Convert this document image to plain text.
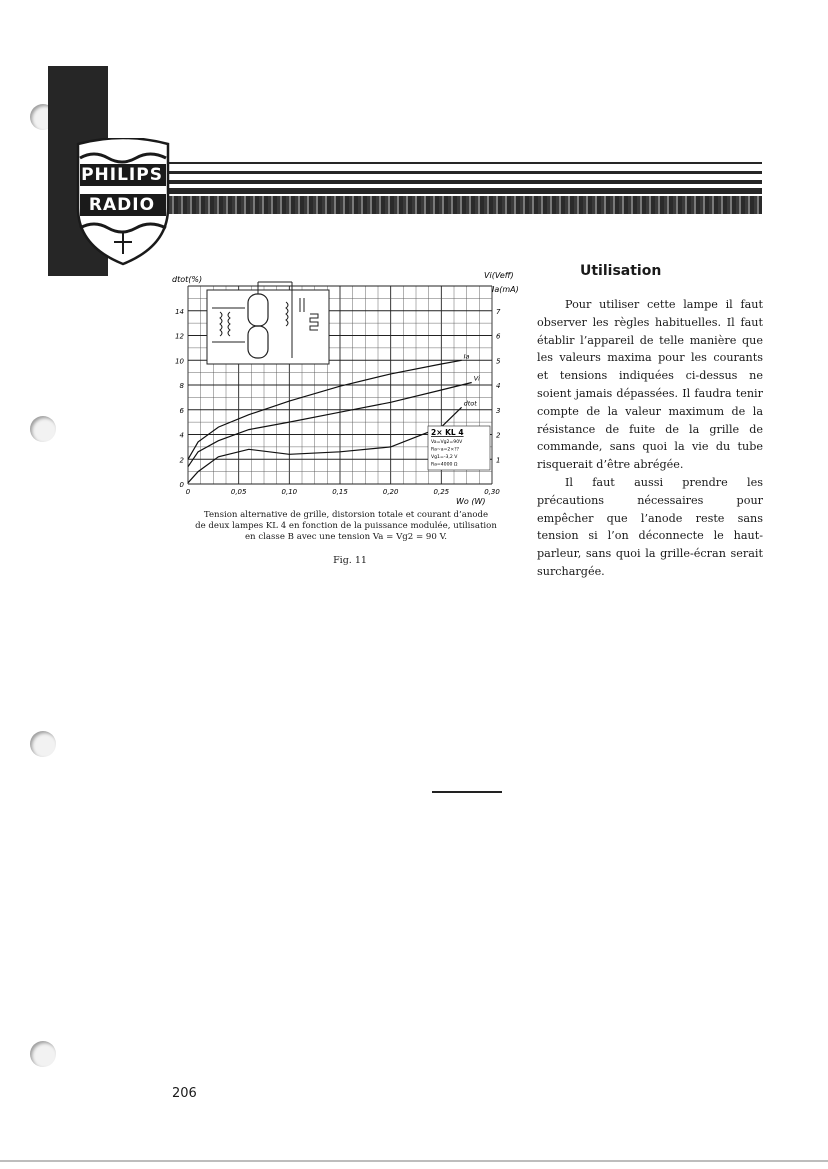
PHILIPS
RADIO
Ia
Vi
dtot
0	0,05	0,10	0,15	0,20	0,25	0,30
0
2
4
6
8
10
12
14
1
2
3
4
5
6
7
2× KL 4
Va=Vg2=90V
Ra~a=2×??
Vg1=-3,2 V
Ra=4000 Ω
dtot(%)	Vi(Veff)
Ia(mA)
Wo (W)
Tension alternative de grille, distorsion totale et courant d’anode
de deux lampes KL 4 en fonction de la puissance modulée, utilisation
en classe B avec une tension Va = Vg2 = 90 V.
Fig. 11
Utilisation

Pour utiliser cette lampe il faut observer les règles habituelles. Il faut établir l’appareil de telle manière que les valeurs maxima pour les courants et tensions indiquées ci-dessus ne soient jamais dépassées. Il faudra tenir compte de la valeur maximum de la résistance de fuite de la grille de commande, sans quoi la vie du tube risquerait d’être abrégée.

Il faut aussi prendre les précautions nécessaires pour empêcher que l’anode reste sans tension si l’on déconnecte le haut-parleur, sans quoi la grille-écran serait surchargée.

206
